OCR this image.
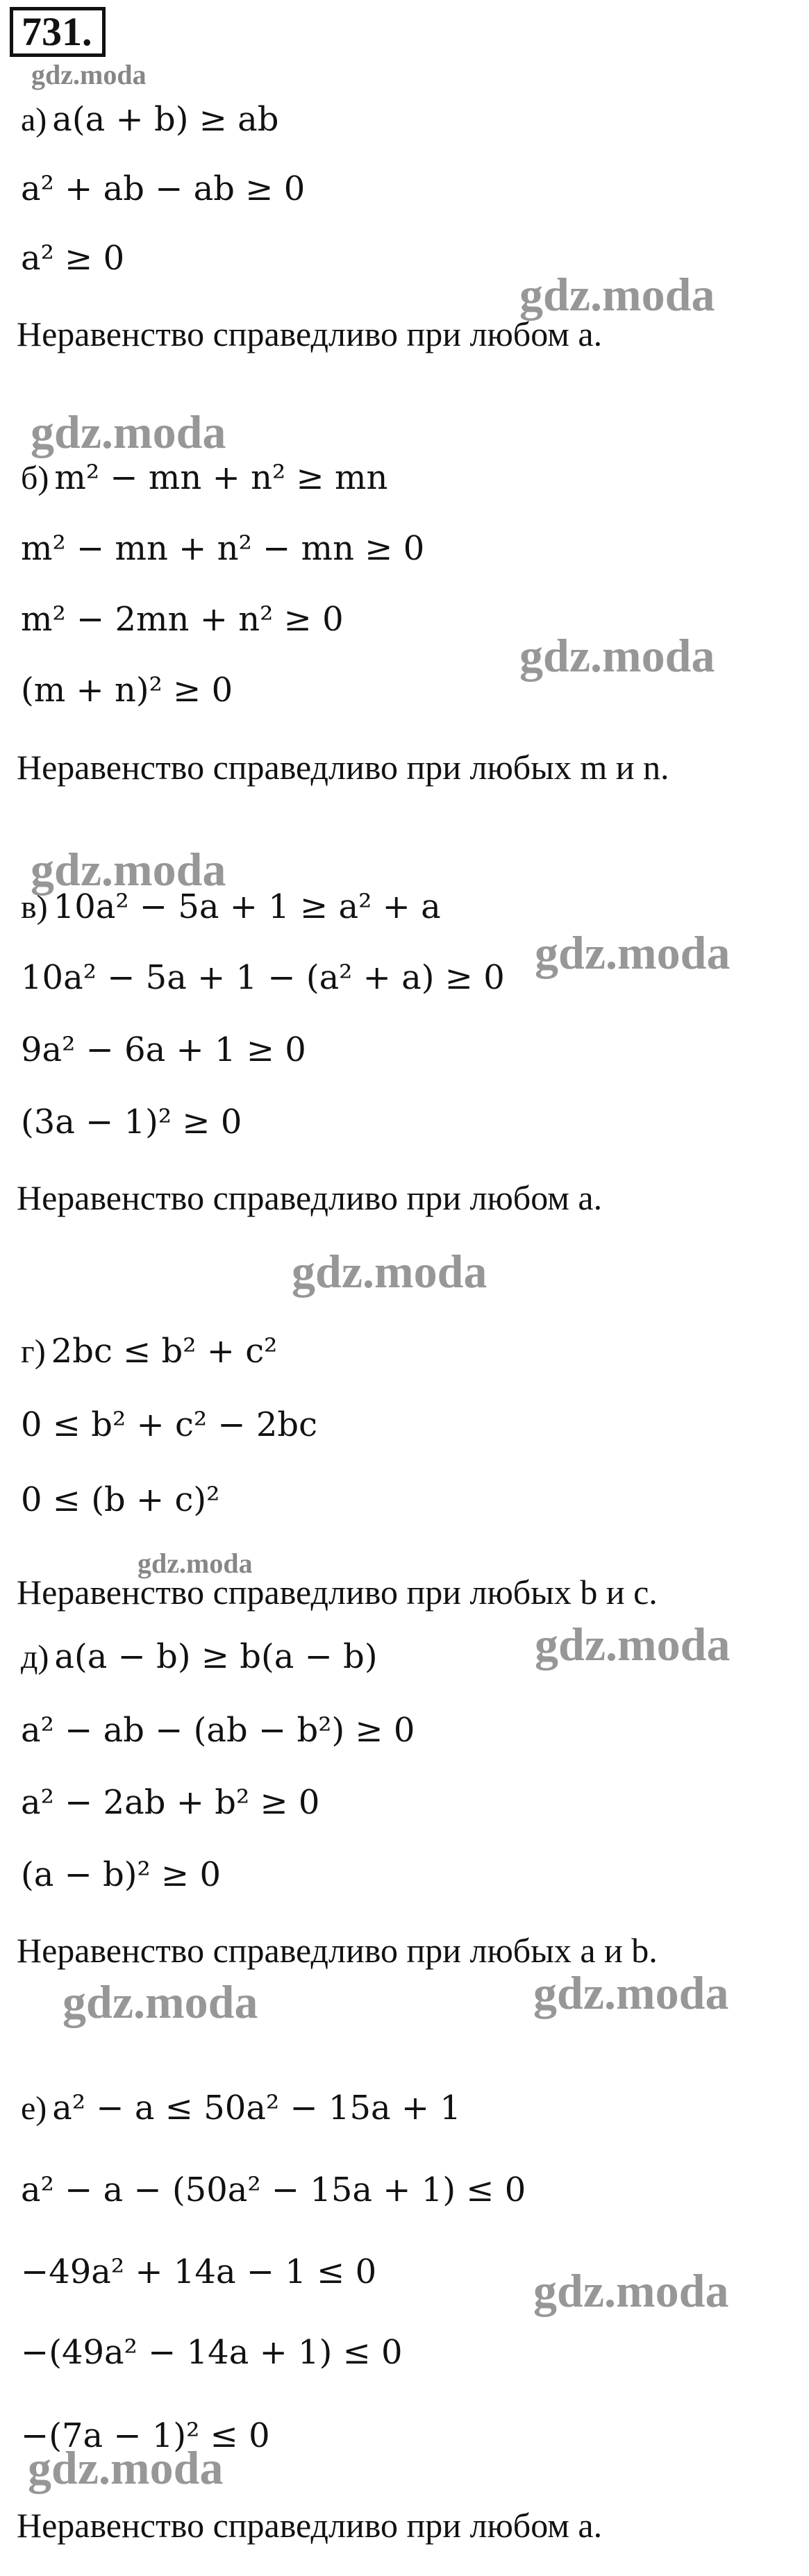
731.
gdz.moda
gdz.moda
gdz.moda
gdz.moda
gdz.moda
gdz.moda
gdz.moda
gdz.moda
gdz.moda
gdz.moda	gdz.moda
gdz.moda
gdz.moda
а) a(a + b) ≥ ab
a² + ab − ab ≥ 0
a² ≥ 0
Неравенство справедливо при любом a.
б) m² − mn + n² ≥ mn
m² − mn + n² − mn ≥ 0
m² − 2mn + n² ≥ 0
(m + n)² ≥ 0
Неравенство справедливо при любых m и n.
в) 10a² − 5a + 1 ≥ a² + a
10a² − 5a + 1 − (a² + a) ≥ 0
9a² − 6a + 1 ≥ 0
(3a − 1)² ≥ 0
Неравенство справедливо при любом a.
г) 2bc ≤ b² + c²
0 ≤ b² + c² − 2bc
0 ≤ (b + c)²
Неравенство справедливо при любых b и c.
д) a(a − b) ≥ b(a − b)
a² − ab − (ab − b²) ≥ 0
a² − 2ab + b² ≥ 0
(a − b)² ≥ 0
Неравенство справедливо при любых a и b.
е) a² − a ≤ 50a² − 15a + 1
a² − a − (50a² − 15a + 1) ≤ 0
−49a² + 14a − 1 ≤ 0
−(49a² − 14a + 1) ≤ 0
−(7a − 1)² ≤ 0
Неравенство справедливо при любом a.
